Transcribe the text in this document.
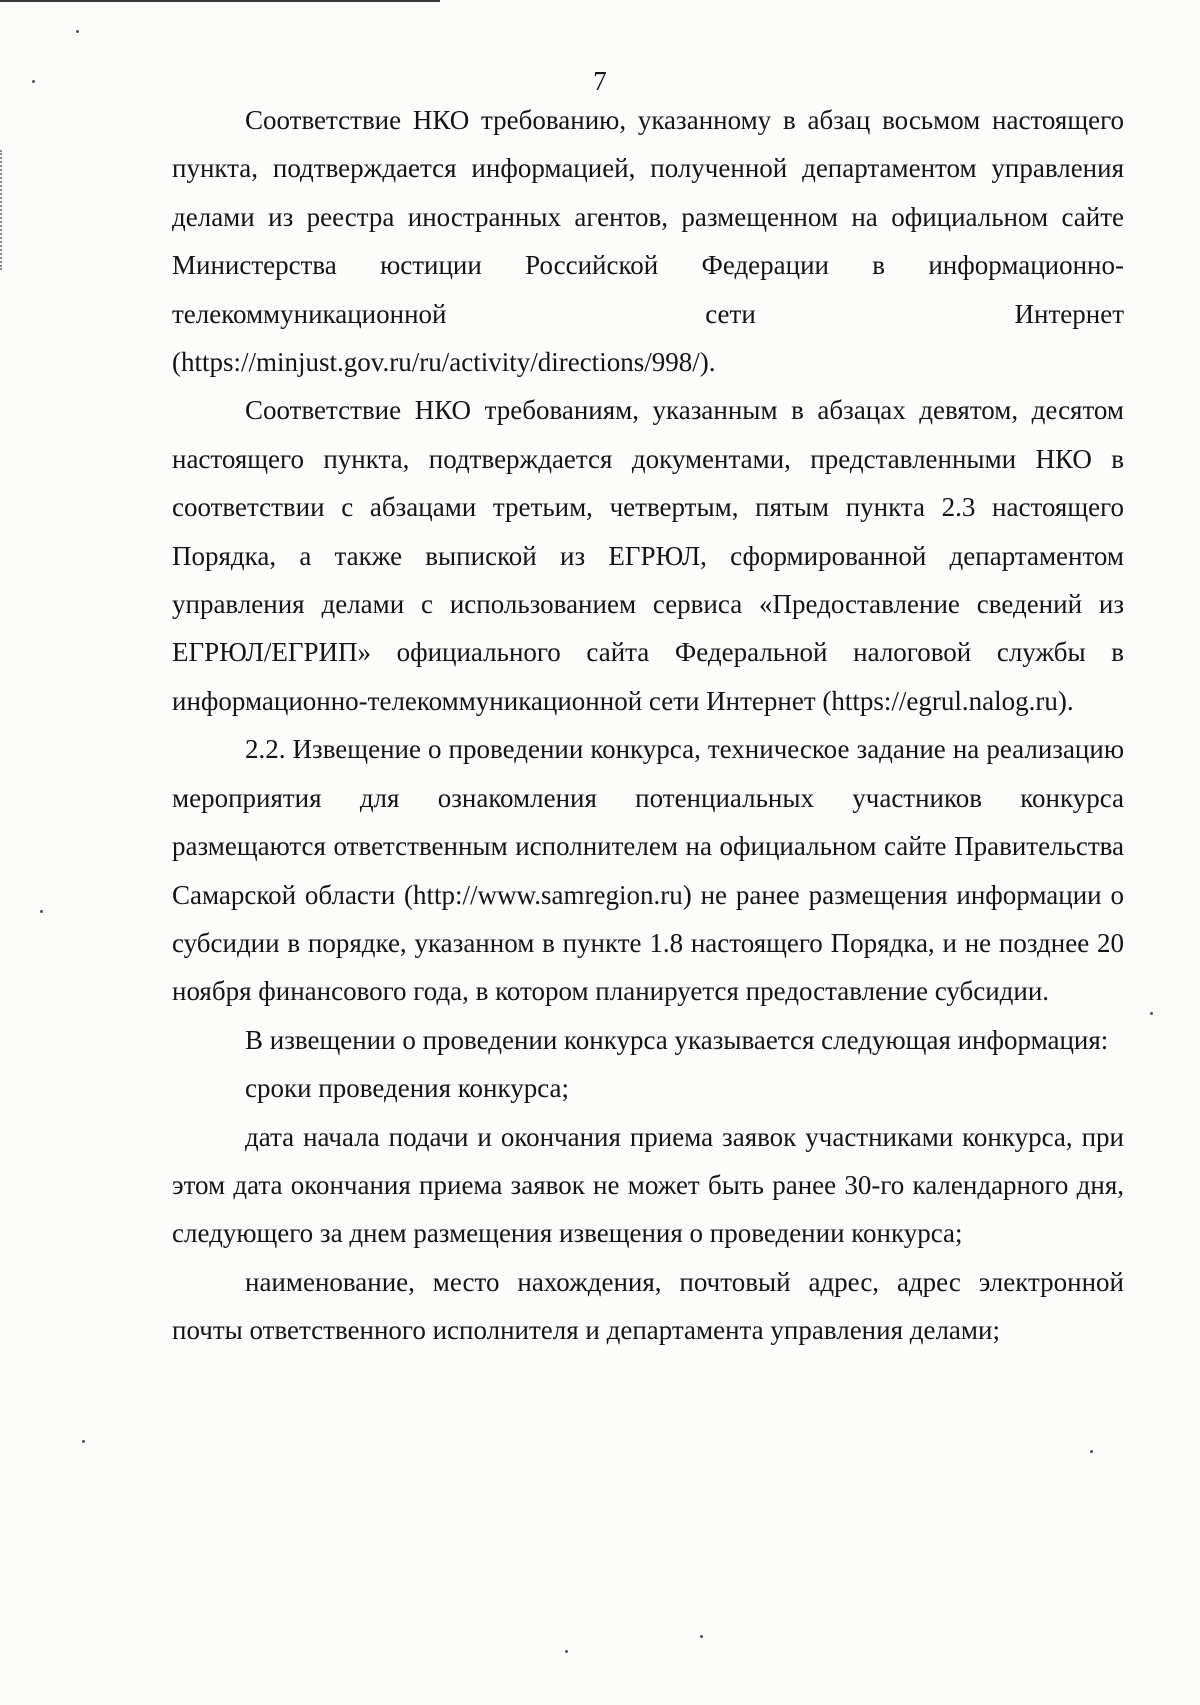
7

Соответствие НКО требованию, указанному в абзац восьмом настоящего пункта, подтверждается информацией, полученной департаментом управления делами из реестра иностранных агентов, размещенном на официальном сайте Министерства юстиции Российской Федерации в информационно-телекоммуникационной сети Интернет (https://minjust.gov.ru/ru/activity/directions/998/).

Соответствие НКО требованиям, указанным в абзацах девятом, десятом настоящего пункта, подтверждается документами, представленными НКО в соответствии с абзацами третьим, четвертым, пятым пункта 2.3 настоящего Порядка, а также выпиской из ЕГРЮЛ, сформированной департаментом управления делами с использованием сервиса «Предоставление сведений из ЕГРЮЛ/ЕГРИП» официального сайта Федеральной налоговой службы в информационно-телекоммуникационной сети Интернет (https://egrul.nalog.ru).

2.2. Извещение о проведении конкурса, техническое задание на реализацию мероприятия для ознакомления потенциальных участников конкурса размещаются ответственным исполнителем на официальном сайте Правительства Самарской области (http://www.samregion.ru) не ранее размещения информации о субсидии в порядке, указанном в пункте 1.8 настоящего Порядка, и не позднее 20 ноября финансового года, в котором планируется предоставление субсидии.

В извещении о проведении конкурса указывается следующая информация:

сроки проведения конкурса;

дата начала подачи и окончания приема заявок участниками конкурса, при этом дата окончания приема заявок не может быть ранее 30-го календарного дня, следующего за днем размещения извещения о проведении конкурса;

наименование, место нахождения, почтовый адрес, адрес электронной почты ответственного исполнителя и департамента управления делами;
